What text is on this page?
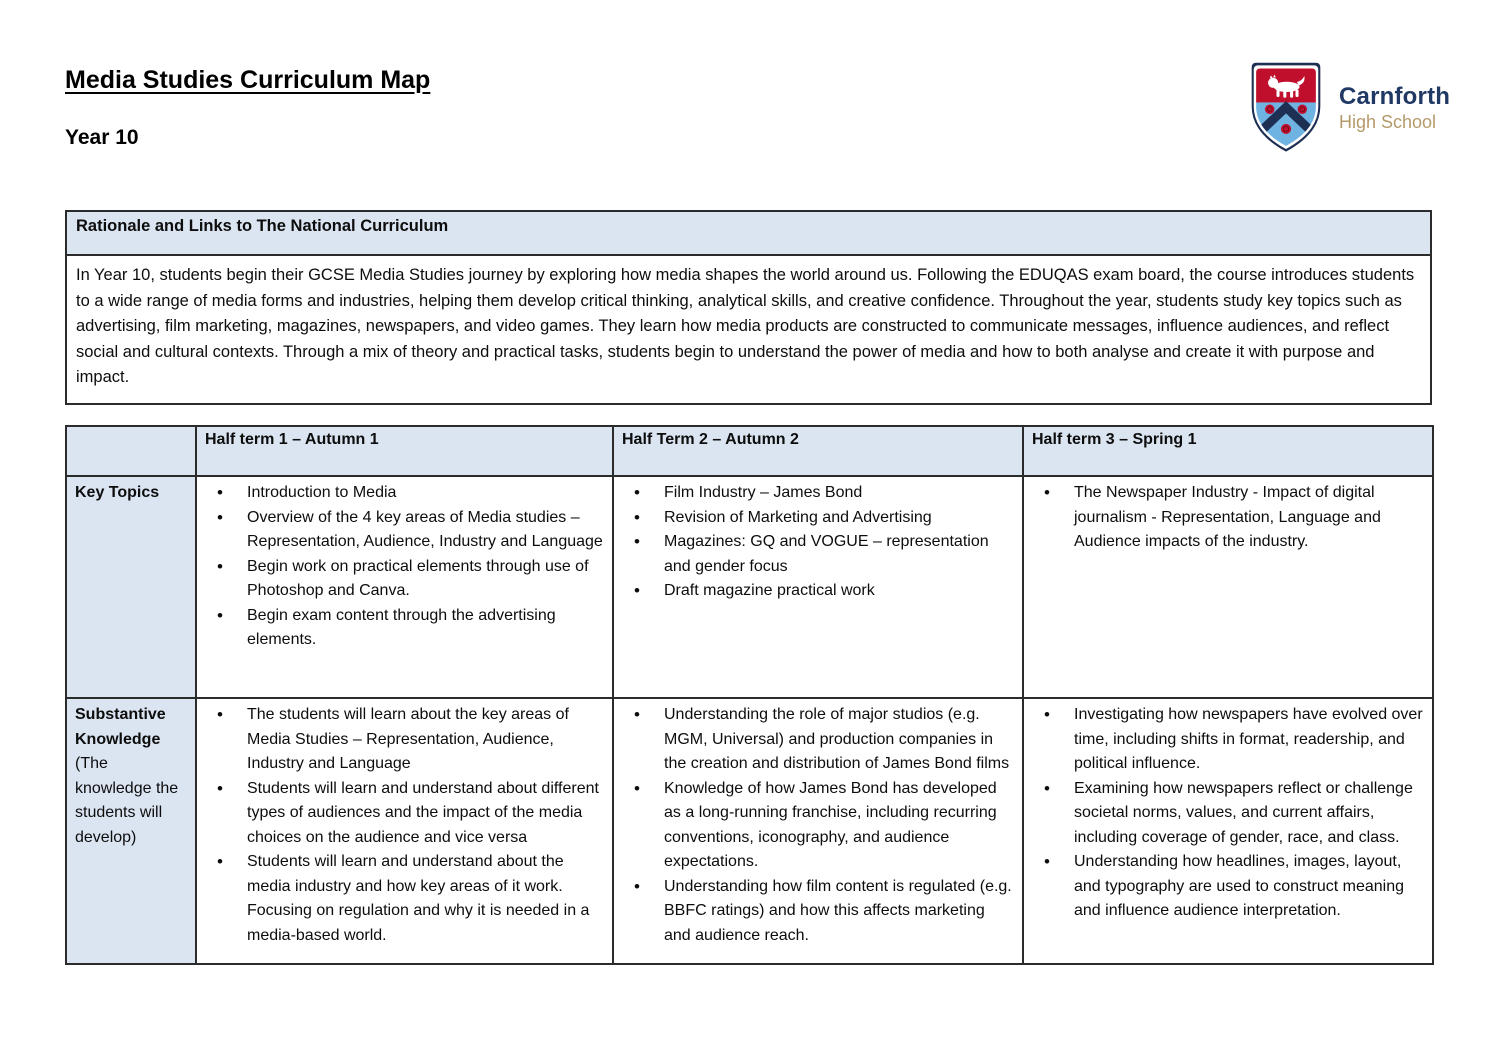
Media Studies Curriculum Map
Year 10
Carnforth
High School
Rationale and Links to The National Curriculum
In Year 10, students begin their GCSE Media Studies journey by exploring how media shapes the world around us. Following the EDUQAS exam board, the course introduces students to a wide range of media forms and industries, helping them develop critical thinking, analytical skills, and creative confidence. Throughout the year, students study key topics such as advertising, film marketing, magazines, newspapers, and video games. They learn how media products are constructed to communicate messages, influence audiences, and reflect social and cultural contexts. Through a mix of theory and practical tasks, students begin to understand the power of media and how to both analyse and create it with purpose and impact.
	Half term 1 – Autumn 1	Half Term 2 – Autumn 2	Half term 3 – Spring 1
Key Topics	
•Introduction to Media
• Overview of the 4 key areas of Media studies – Representation, Audience, Industry and Language
• Begin work on practical elements through use of Photoshop and Canva.
• Begin exam content through the advertising elements.

• Film Industry – James Bond
• Revision of Marketing and Advertising
• Magazines: GQ and VOGUE – representation and gender focus
• Draft magazine practical work

• The Newspaper Industry - Impact of digital journalism - Representation, Language and Audience impacts of the industry.

Substantive Knowledge (The knowledge the students will develop)	
• The students will learn about the key areas of Media Studies – Representation, Audience, Industry and Language
• Students will learn and understand about different types of audiences and the impact of the media choices on the audience and vice versa
• Students will learn and understand about the media industry and how key areas of it work. Focusing on regulation and why it is needed in a media-based world.

• Understanding the role of major studios (e.g. MGM, Universal) and production companies in the creation and distribution of James Bond films
• Knowledge of how James Bond has developed as a long-running franchise, including recurring conventions, iconography, and audience expectations.
• Understanding how film content is regulated (e.g. BBFC ratings) and how this affects marketing and audience reach.

• Investigating how newspapers have evolved over time, including shifts in format, readership, and political influence.
• Examining how newspapers reflect or challenge societal norms, values, and current affairs, including coverage of gender, race, and class.
• Understanding how headlines, images, layout, and typography are used to construct meaning and influence audience interpretation.
